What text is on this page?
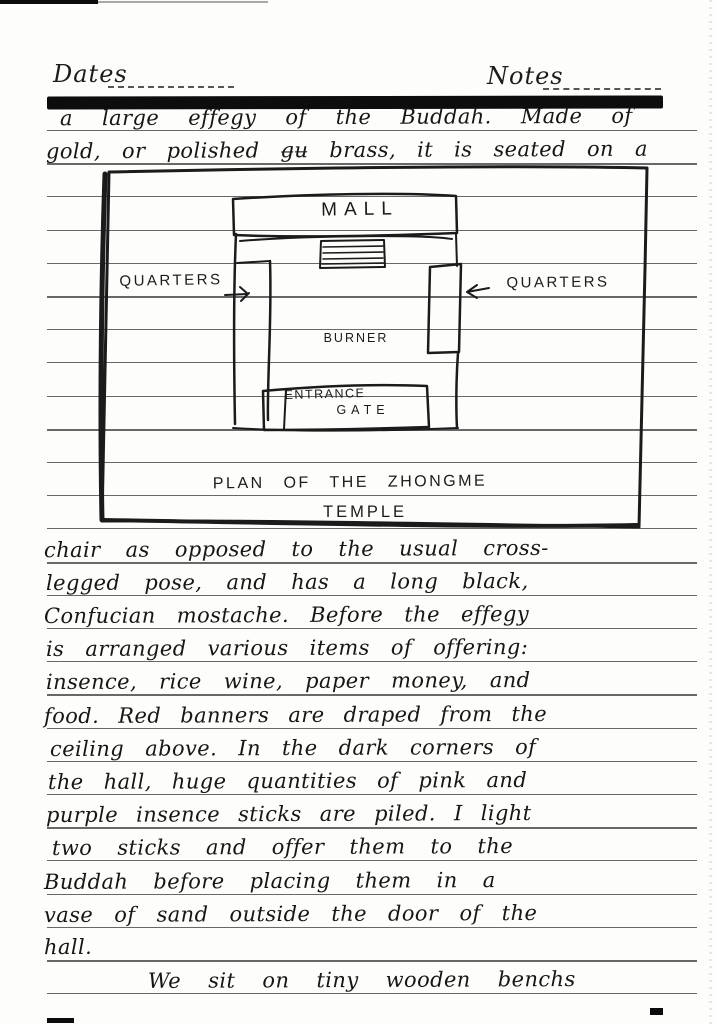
Dates	Notes
a large effegy of the Buddah. Made of
gold, or polished g̶u̶ brass, it is seated on a
MALL
QUARTERS	QUARTERS
BURNER
ENTRANCE
GATE
PLAN OF THE ZHONGME
TEMPLE
chair as opposed to the usual cross-
legged pose, and has a long black,
Confucian mostache. Before the effegy
is arranged various items of offering:
insence, rice wine, paper money, and
food. Red banners are draped from the
ceiling above. In the dark corners of
the hall, huge quantities of pink and
purple insence sticks are piled. I light
two sticks and offer them to the
Buddah before placing them in a
vase of sand outside the door of the
hall.
We sit on tiny wooden benchs
